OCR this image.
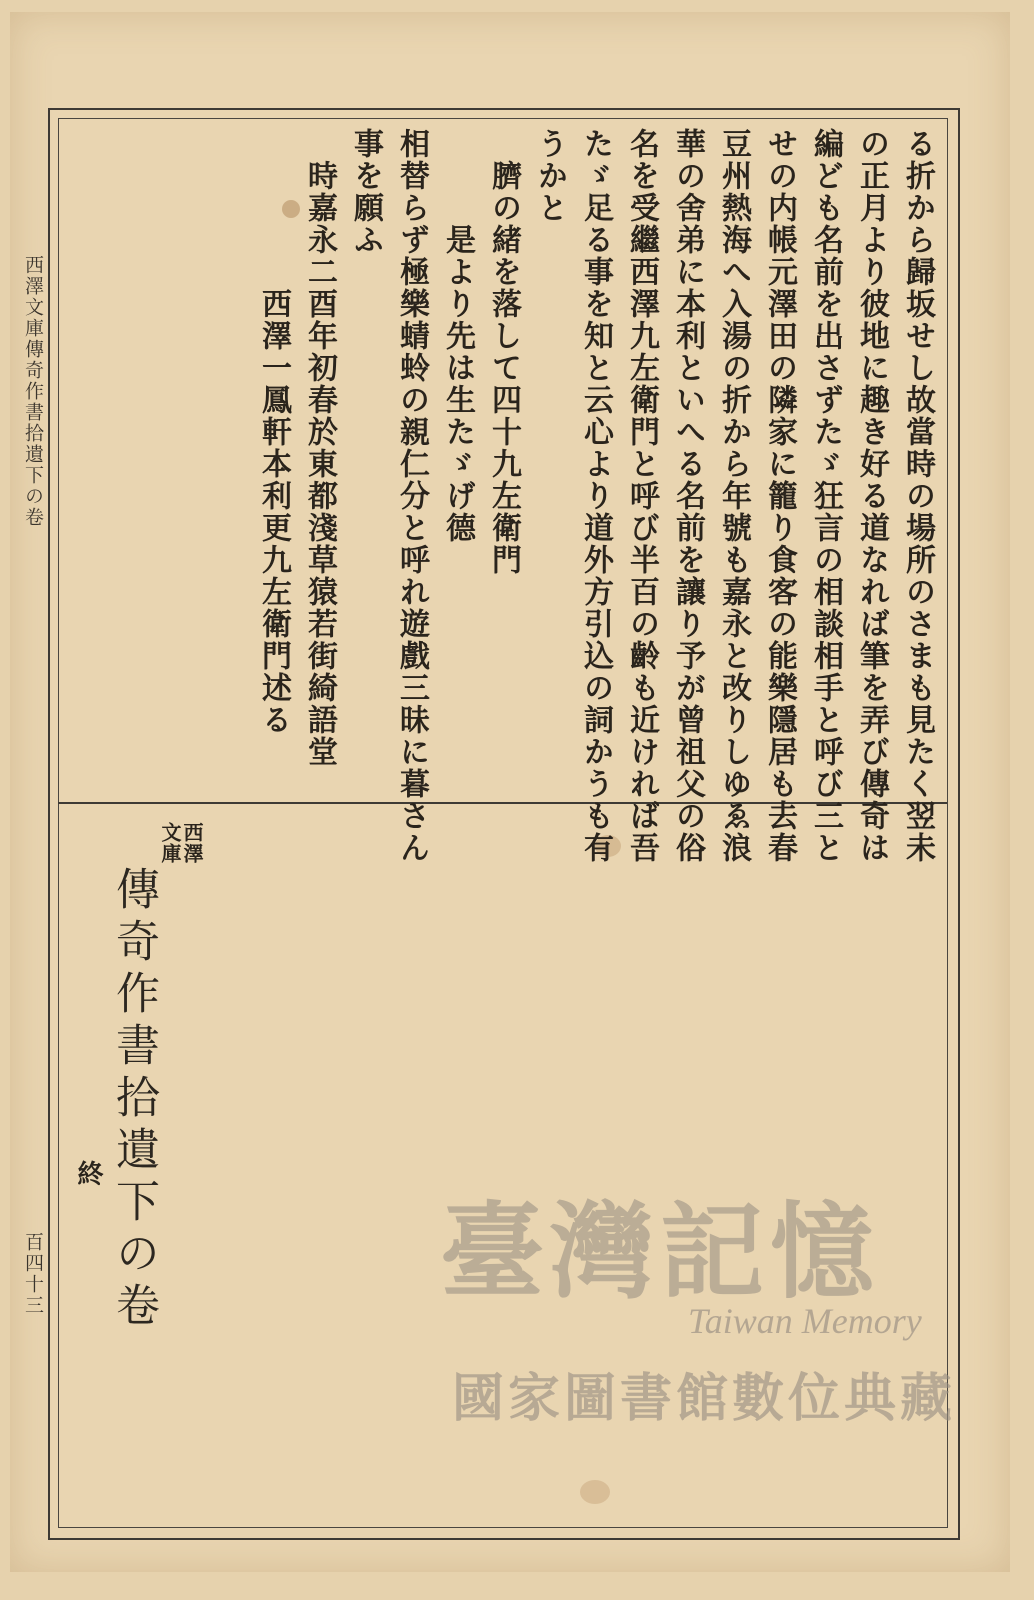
西澤文庫傳奇作書拾遺下の卷
百四十三
る折から歸坂せし故當時の場所のさまも見たく翌未
の正月より彼地に趣き好る道なれば筆を弄び傳奇は
編ども名前を出さずたゞ狂言の相談相手と呼び三と
せの内帳元澤田の隣家に籠り食客の能樂隱居も去春
豆州熱海へ入湯の折から年號も嘉永と改りしゆゑ浪
華の舍弟に本利といへる名前を讓り予が曾祖父の俗
名を受繼西澤九左衛門と呼び半百の齡も近ければ吾
たゞ足る事を知と云心より道外方引込の詞かうも有
うかと
臍の緒を落して四十九左衛門
是より先は生たゞげ德
相替らず極樂蜻蛉の親仁分と呼れ遊戲三昧に暮さん
事を願ふ
時嘉永二酉年初春於東都淺草猿若街綺語堂
西澤一鳳軒本利更九左衛門述る
西澤
文庫
傳奇作書拾遺下の卷
終
臺灣記憶
Taiwan Memory
國家圖書館數位典藏
